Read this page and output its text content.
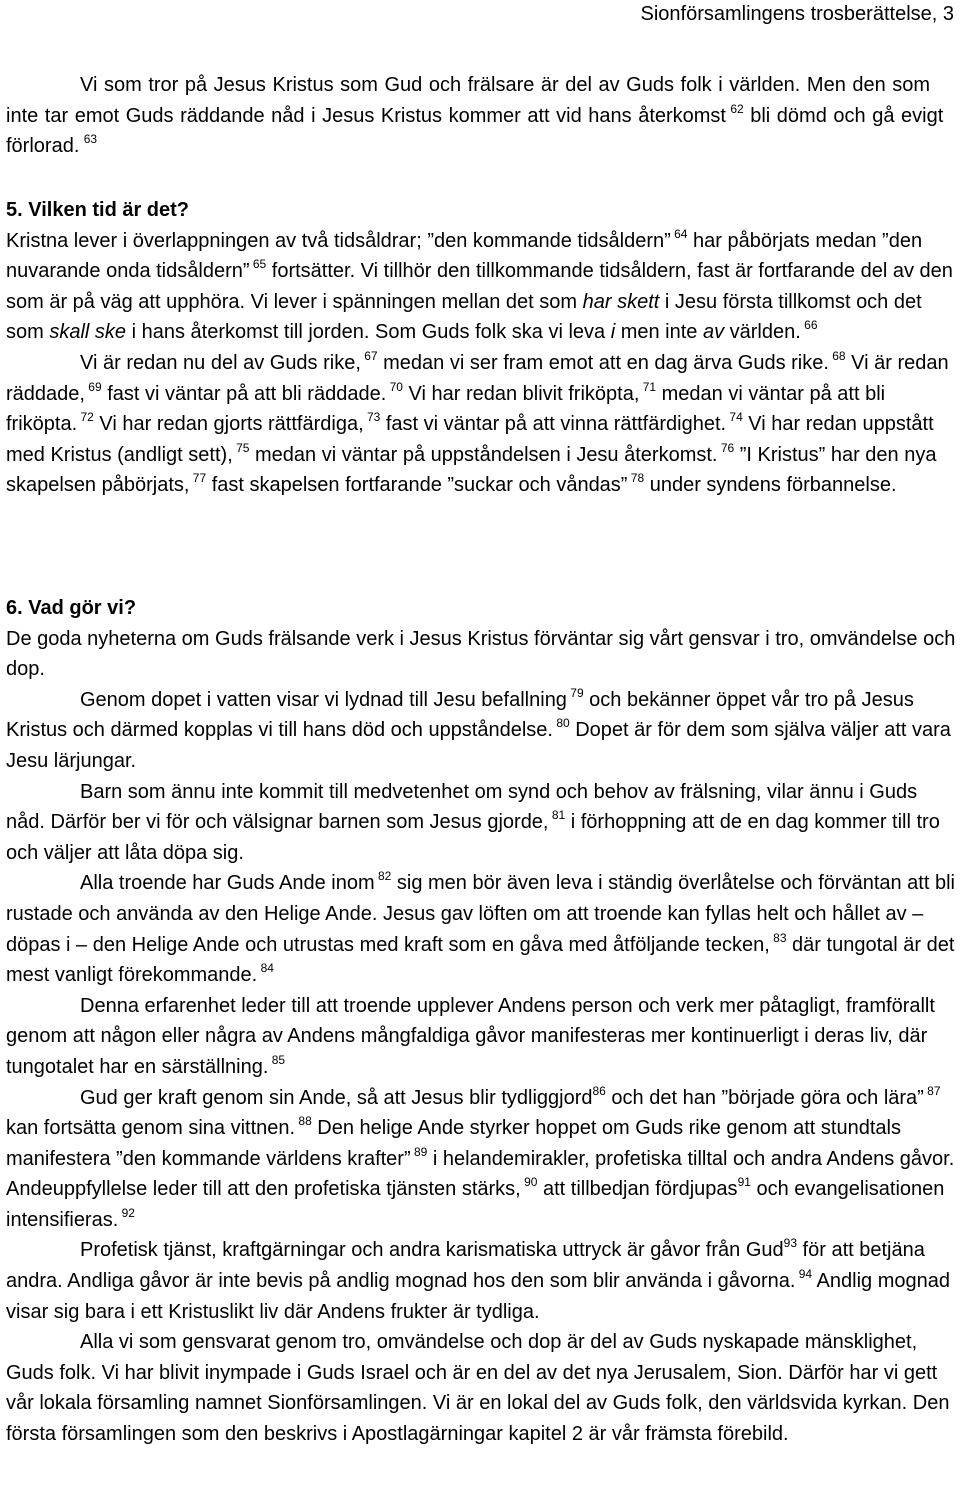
Sionförsamlingens trosberättelse, 3

Vi som tror på Jesus Kristus som Gud och frälsare är del av Guds folk i världen. Men den som inte tar emot Guds räddande nåd i Jesus Kristus kommer att vid hans återkomst $^{62}$ bli dömd och gå evigt förlorad. $^{63}$

5. Vilken tid är det?

Kristna lever i överlappningen av två tidsåldrar; ”den kommande tidsåldern” $^{64}$ har påbörjats medan ”den nuvarande onda tidsåldern” $^{65}$ fortsätter. Vi tillhör den tillkommande tidsåldern, fast är fortfarande del av den som är på väg att upphöra. Vi lever i spänningen mellan det som har skett i Jesu första tillkomst och det som skall ske i hans återkomst till jorden. Som Guds folk ska vi leva i men inte av världen. $^{66}$

Vi är redan nu del av Guds rike, $^{67}$ medan vi ser fram emot att en dag ärva Guds rike. $^{68}$ Vi är redan räddade, $^{69}$ fast vi väntar på att bli räddade. $^{70}$ Vi har redan blivit friköpta, $^{71}$ medan vi väntar på att bli friköpta. $^{72}$ Vi har redan gjorts rättfärdiga, $^{73}$ fast vi väntar på att vinna rättfärdighet. $^{74}$ Vi har redan uppstått med Kristus (andligt sett), $^{75}$ medan vi väntar på uppståndelsen i Jesu återkomst. $^{76}$ ”I Kristus” har den nya skapelsen påbörjats, $^{77}$ fast skapelsen fortfarande ”suckar och våndas” $^{78}$ under syndens förbannelse.

6. Vad gör vi?

De goda nyheterna om Guds frälsande verk i Jesus Kristus förväntar sig vårt gensvar i tro, omvändelse och dop.

Genom dopet i vatten visar vi lydnad till Jesu befallning $^{79}$ och bekänner öppet vår tro på Jesus Kristus och därmed kopplas vi till hans död och uppståndelse. $^{80}$ Dopet är för dem som själva väljer att vara Jesu lärjungar.

Barn som ännu inte kommit till medvetenhet om synd och behov av frälsning, vilar ännu i Guds nåd. Därför ber vi för och välsignar barnen som Jesus gjorde, $^{81}$ i förhoppning att de en dag kommer till tro och väljer att låta döpa sig.

Alla troende har Guds Ande inom $^{82}$ sig men bör även leva i ständig överlåtelse och förväntan att bli rustade och använda av den Helige Ande. Jesus gav löften om att troende kan fyllas helt och hållet av – döpas i – den Helige Ande och utrustas med kraft som en gåva med åtföljande tecken, $^{83}$ där tungotal är det mest vanligt förekommande. $^{84}$

Denna erfarenhet leder till att troende upplever Andens person och verk mer påtagligt, framförallt genom att någon eller några av Andens mångfaldiga gåvor manifesteras mer kontinuerligt i deras liv, där tungotalet har en särställning. $^{85}$

Gud ger kraft genom sin Ande, så att Jesus blir tydliggjord$^{86}$ och det han ”började göra och lära” $^{87}$ kan fortsätta genom sina vittnen. $^{88}$ Den helige Ande styrker hoppet om Guds rike genom att stundtals manifestera ”den kommande världens krafter” $^{89}$ i helandemirakler, profetiska tilltal och andra Andens gåvor. Andeuppfyllelse leder till att den profetiska tjänsten stärks, $^{90}$ att tillbedjan fördjupas$^{91}$ och evangelisationen intensifieras. $^{92}$

Profetisk tjänst, kraftgärningar och andra karismatiska uttryck är gåvor från Gud$^{93}$ för att betjäna andra. Andliga gåvor är inte bevis på andlig mognad hos den som blir använda i gåvorna. $^{94}$ Andlig mognad visar sig bara i ett Kristuslikt liv där Andens frukter är tydliga.

Alla vi som gensvarat genom tro, omvändelse och dop är del av Guds nyskapade mänsklighet, Guds folk. Vi har blivit inympade i Guds Israel och är en del av det nya Jerusalem, Sion. Därför har vi gett vår lokala församling namnet Sionförsamlingen. Vi är en lokal del av Guds folk, den världsvida kyrkan. Den första församlingen som den beskrivs i Apostlagärningar kapitel 2 är vår främsta förebild.
